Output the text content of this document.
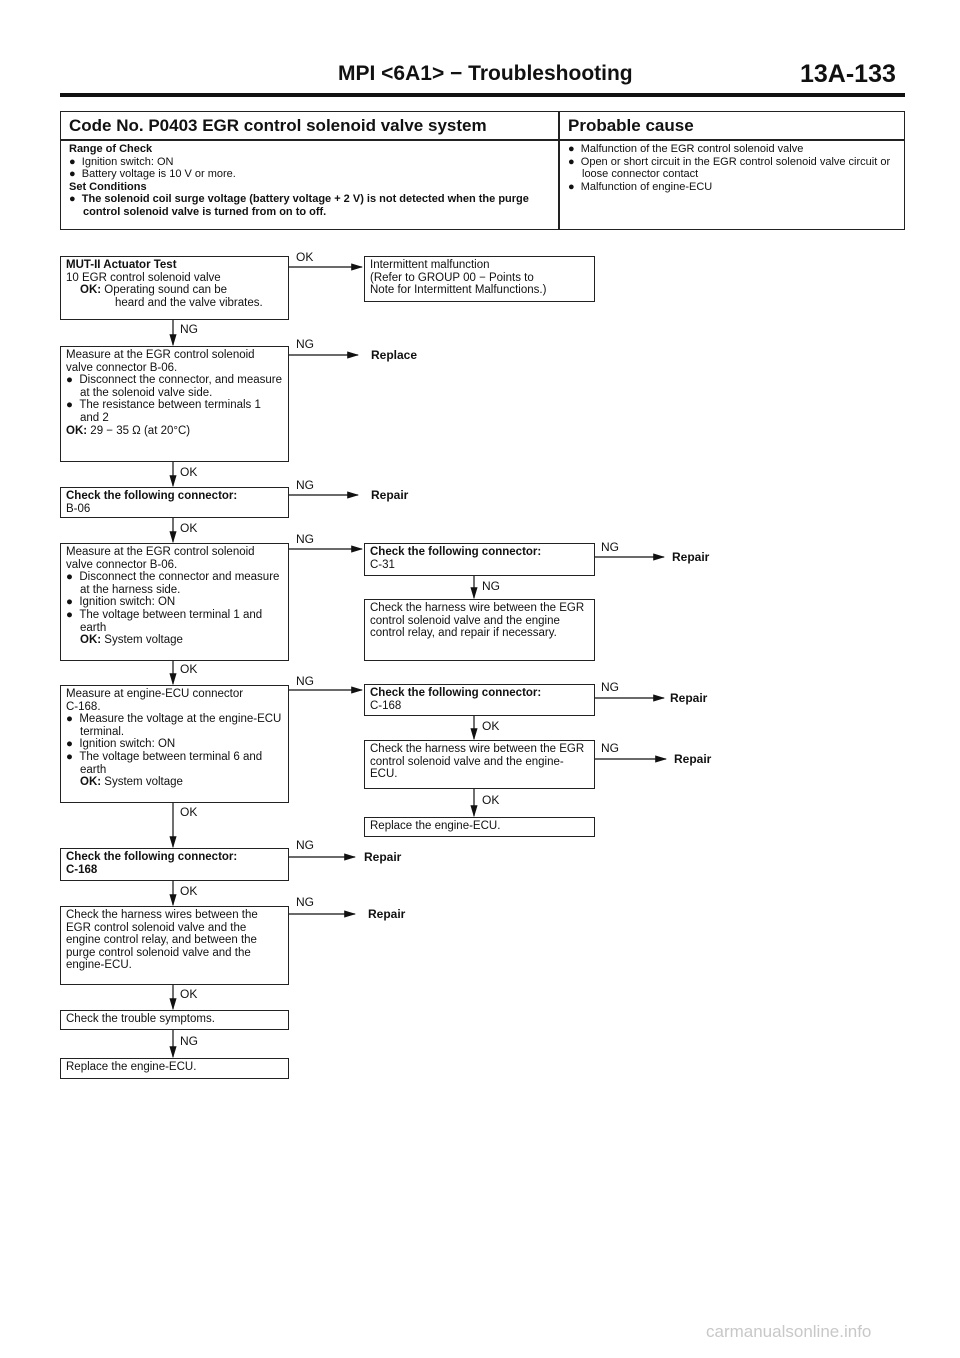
MPI <6A1> − Troubleshooting	13A-133
Code No. P0403 EGR control solenoid valve system	Probable cause
Range of Check
●  Ignition switch: ON
●  Battery voltage is 10 V or more.
Set Conditions
●  The solenoid coil surge voltage (battery voltage + 2 V) is not detected when the purge control solenoid valve is turned from on to off.
●  Malfunction of the EGR control solenoid valve
●  Open or short circuit in the EGR control solenoid valve circuit or loose connector contact
●  Malfunction of engine-ECU
MUT-II Actuator Test
10 EGR control solenoid valve
OK: Operating sound can be
heard and the valve vibrates.
Intermittent malfunction
(Refer to GROUP 00 − Points to
Note for Intermittent Malfunctions.)
Measure at the EGR control solenoid
valve connector B-06.
●  Disconnect the connector, and measure at the solenoid valve side.
●  The resistance between terminals 1 and 2
OK: 29 − 35 Ω (at 20°C)
Check the following connector:
B-06
Measure at the EGR control solenoid
valve connector B-06.
●  Disconnect the connector and measure at the harness side.
●  Ignition switch: ON
●  The voltage between terminal 1 and earth
OK: System voltage
Check the following connector:
C-31
Check the harness wire between the EGR control solenoid valve and the engine control relay, and repair if necessary.
Measure at engine-ECU connector
C-168.
●  Measure the voltage at the engine-ECU terminal.
●  Ignition switch: ON
●  The voltage between terminal 6 and earth
OK: System voltage
Check the following connector:
C-168
Check the harness wire between the EGR control solenoid valve and the engine-ECU.
Replace the engine-ECU.
Check the following connector:
C-168
Check the harness wires between the EGR control solenoid valve and the engine control relay, and between the purge control solenoid valve and the engine-ECU.
Check the trouble symptoms.
Replace the engine-ECU.
OK
NG
NG
OK
NG
OK
NG
NG
NG
OK
NG	NG
OK
NG
OK
OK
NG
OK
NG
OK
NG
Replace
Repair
Repair
Repair
Repair
Repair
Repair
carmanualsonline.info
